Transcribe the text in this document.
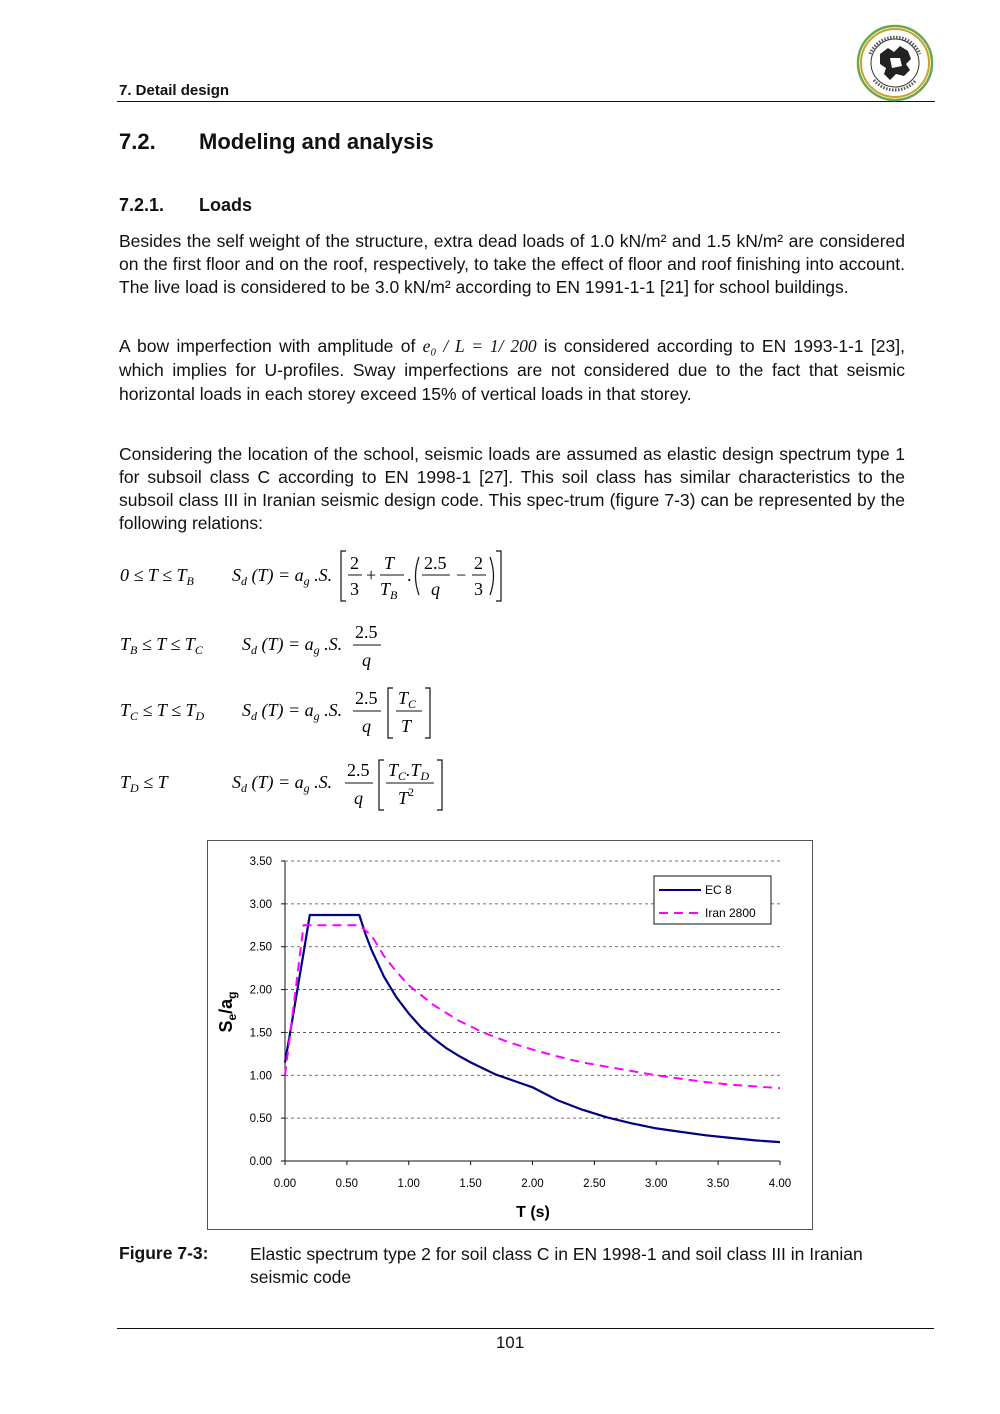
7. Detail design
7.2. Modeling and analysis
7.2.1. Loads
Besides the self weight of the structure, extra dead loads of 1.0 kN/m² and 1.5 kN/m² are considered on the first floor and on the roof, respectively, to take the effect of floor and roof finishing into account. The live load is considered to be 3.0 kN/m² according to EN 1991-1-1 [21] for school buildings.
A bow imperfection with amplitude of e₀ / L = 1/ 200 is considered according to EN 1993-1-1 [23], which implies for U-profiles. Sway imperfections are not considered due to the fact that seismic horizontal loads in each storey exceed 15% of vertical loads in that storey.
Considering the location of the school, seismic loads are assumed as elastic design spectrum type 1 for subsoil class C according to EN 1998-1 [27]. This soil class has similar characteristics to the subsoil class III in Iranian seismic design code. This spec-trum (figure 7-3) can be represented by the following relations:
$0 \le T \le T_B$ $S_d$ $(T) = a_g$ .S.
2
3
+
T
$T_B$
.
2.5
q
−
2
3
$T_B \le T \le T_C$ $S_d$ $(T) = a_g$ .S.
2.5
q
$T_C \le T \le T_D$ $S_d$ $(T) = a_g$ .S.
2.5
q
$T_C$
T
$T_D \le T$	$S_d$ $(T) = a_g$ .S.
2.5
q
$T_C.T_D$
$T^2$
0.00
0.50
1.00
1.50
2.00
2.50
3.00
3.50
0.00	0.50	1.00	1.50	2.00	2.50	3.00	3.50	4.00
EC 8
Iran 2800
T (s)
$S_e/a_g$
Figure 7-3: Elastic spectrum type 2 for soil class C in EN 1998-1 and soil class III in Iranian seismic code
101
